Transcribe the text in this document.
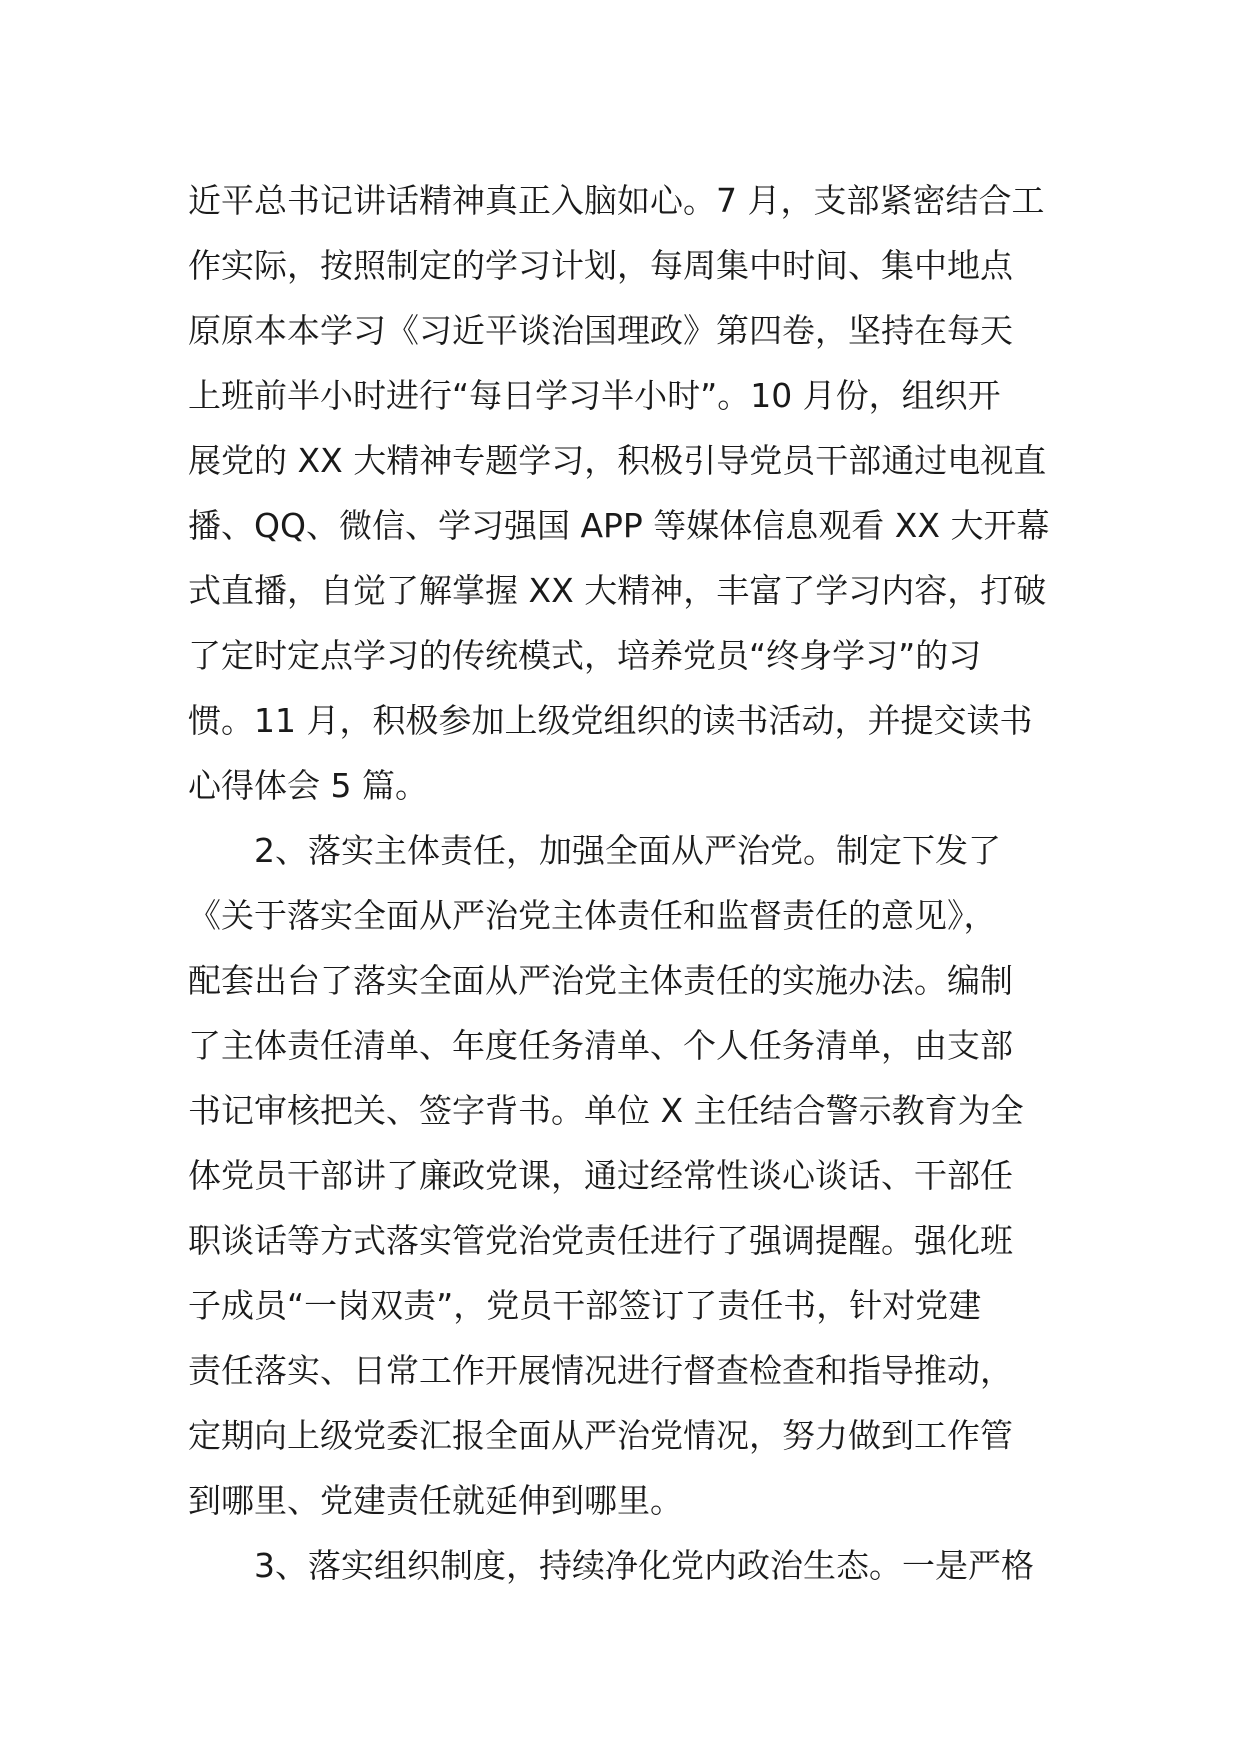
近平总书记讲话精神真正入脑如心。7 月，支部紧密结合工
作实际，按照制定的学习计划，每周集中时间、集中地点
原原本本学习《习近平谈治国理政》第四卷，坚持在每天
上班前半小时进行“每日学习半小时”。10 月份，组织开
展党的 XX 大精神专题学习，积极引导党员干部通过电视直
播、QQ、微信、学习强国 APP 等媒体信息观看 XX 大开幕
式直播，自觉了解掌握 XX 大精神，丰富了学习内容，打破
了定时定点学习的传统模式，培养党员“终身学习”的习
惯。11 月，积极参加上级党组织的读书活动，并提交读书
心得体会 5 篇。
2、落实主体责任，加强全面从严治党。制定下发了
《关于落实全面从严治党主体责任和监督责任的意见》，
配套出台了落实全面从严治党主体责任的实施办法。编制
了主体责任清单、年度任务清单、个人任务清单，由支部
书记审核把关、签字背书。单位 X 主任结合警示教育为全
体党员干部讲了廉政党课，通过经常性谈心谈话、干部任
职谈话等方式落实管党治党责任进行了强调提醒。强化班
子成员“一岗双责”，党员干部签订了责任书，针对党建
责任落实、日常工作开展情况进行督查检查和指导推动，
定期向上级党委汇报全面从严治党情况，努力做到工作管
到哪里、党建责任就延伸到哪里。
3、落实组织制度，持续净化党内政治生态。一是严格
